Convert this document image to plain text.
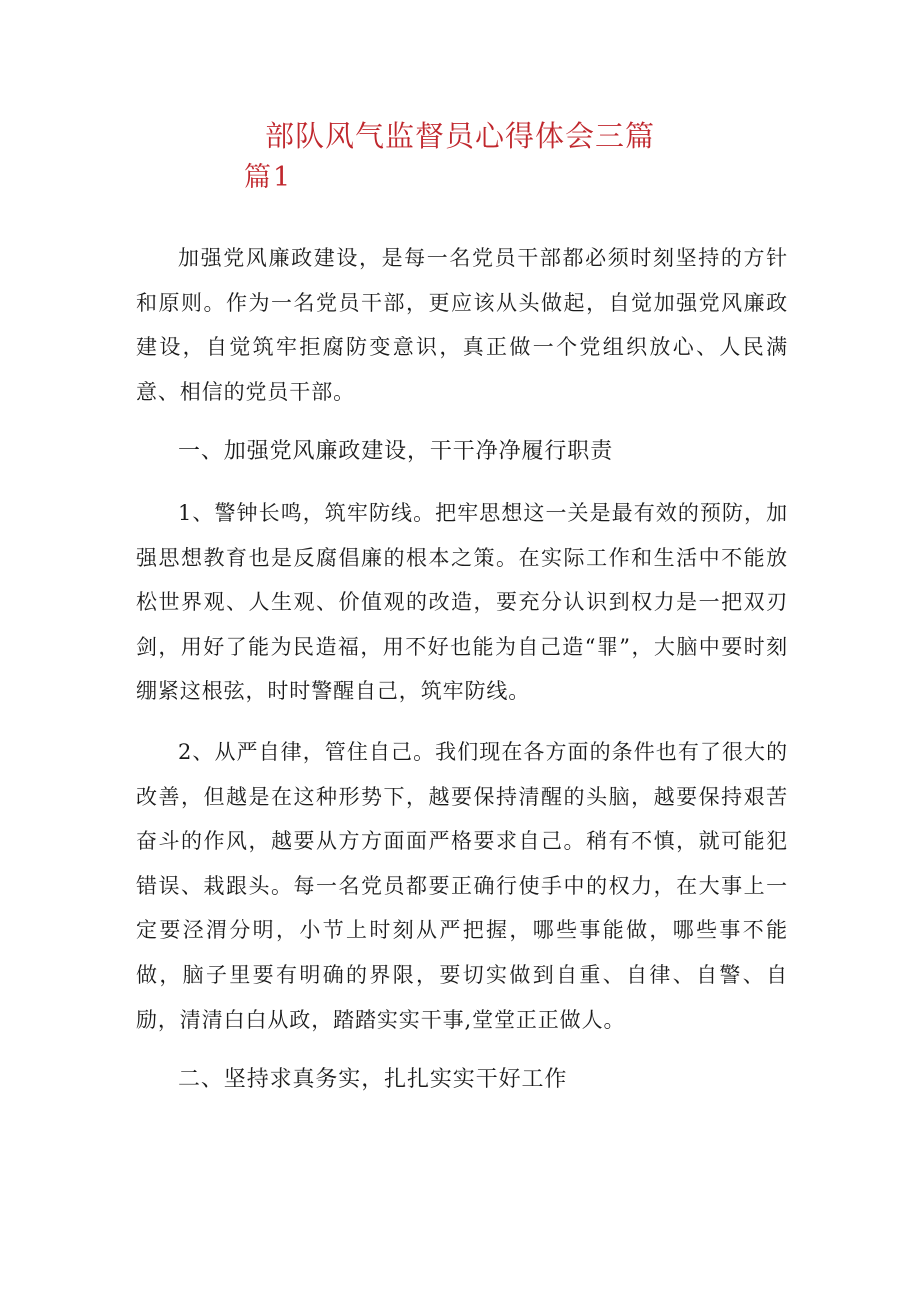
部队风气监督员心得体会三篇
篇1

加强党风廉政建设，是每一名党员干部都必须时刻坚持的方针和原则。作为一名党员干部，更应该从头做起，自觉加强党风廉政建设，自觉筑牢拒腐防变意识，真正做一个党组织放心、人民满意、相信的党员干部。

一、加强党风廉政建设，干干净净履行职责

1、警钟长鸣，筑牢防线。把牢思想这一关是最有效的预防，加强思想教育也是反腐倡廉的根本之策。在实际工作和生活中不能放松世界观、人生观、价值观的改造，要充分认识到权力是一把双刃剑，用好了能为民造福，用不好也能为自己造“罪”，大脑中要时刻绷紧这根弦，时时警醒自己，筑牢防线。

2、从严自律，管住自己。我们现在各方面的条件也有了很大的改善，但越是在这种形势下，越要保持清醒的头脑，越要保持艰苦奋斗的作风，越要从方方面面严格要求自己。稍有不慎，就可能犯错误、栽跟头。每一名党员都要正确行使手中的权力，在大事上一定要泾渭分明，小节上时刻从严把握，哪些事能做，哪些事不能做，脑子里要有明确的界限，要切实做到自重、自律、自警、自励，清清白白从政，踏踏实实干事,堂堂正正做人。

二、坚持求真务实，扎扎实实干好工作
